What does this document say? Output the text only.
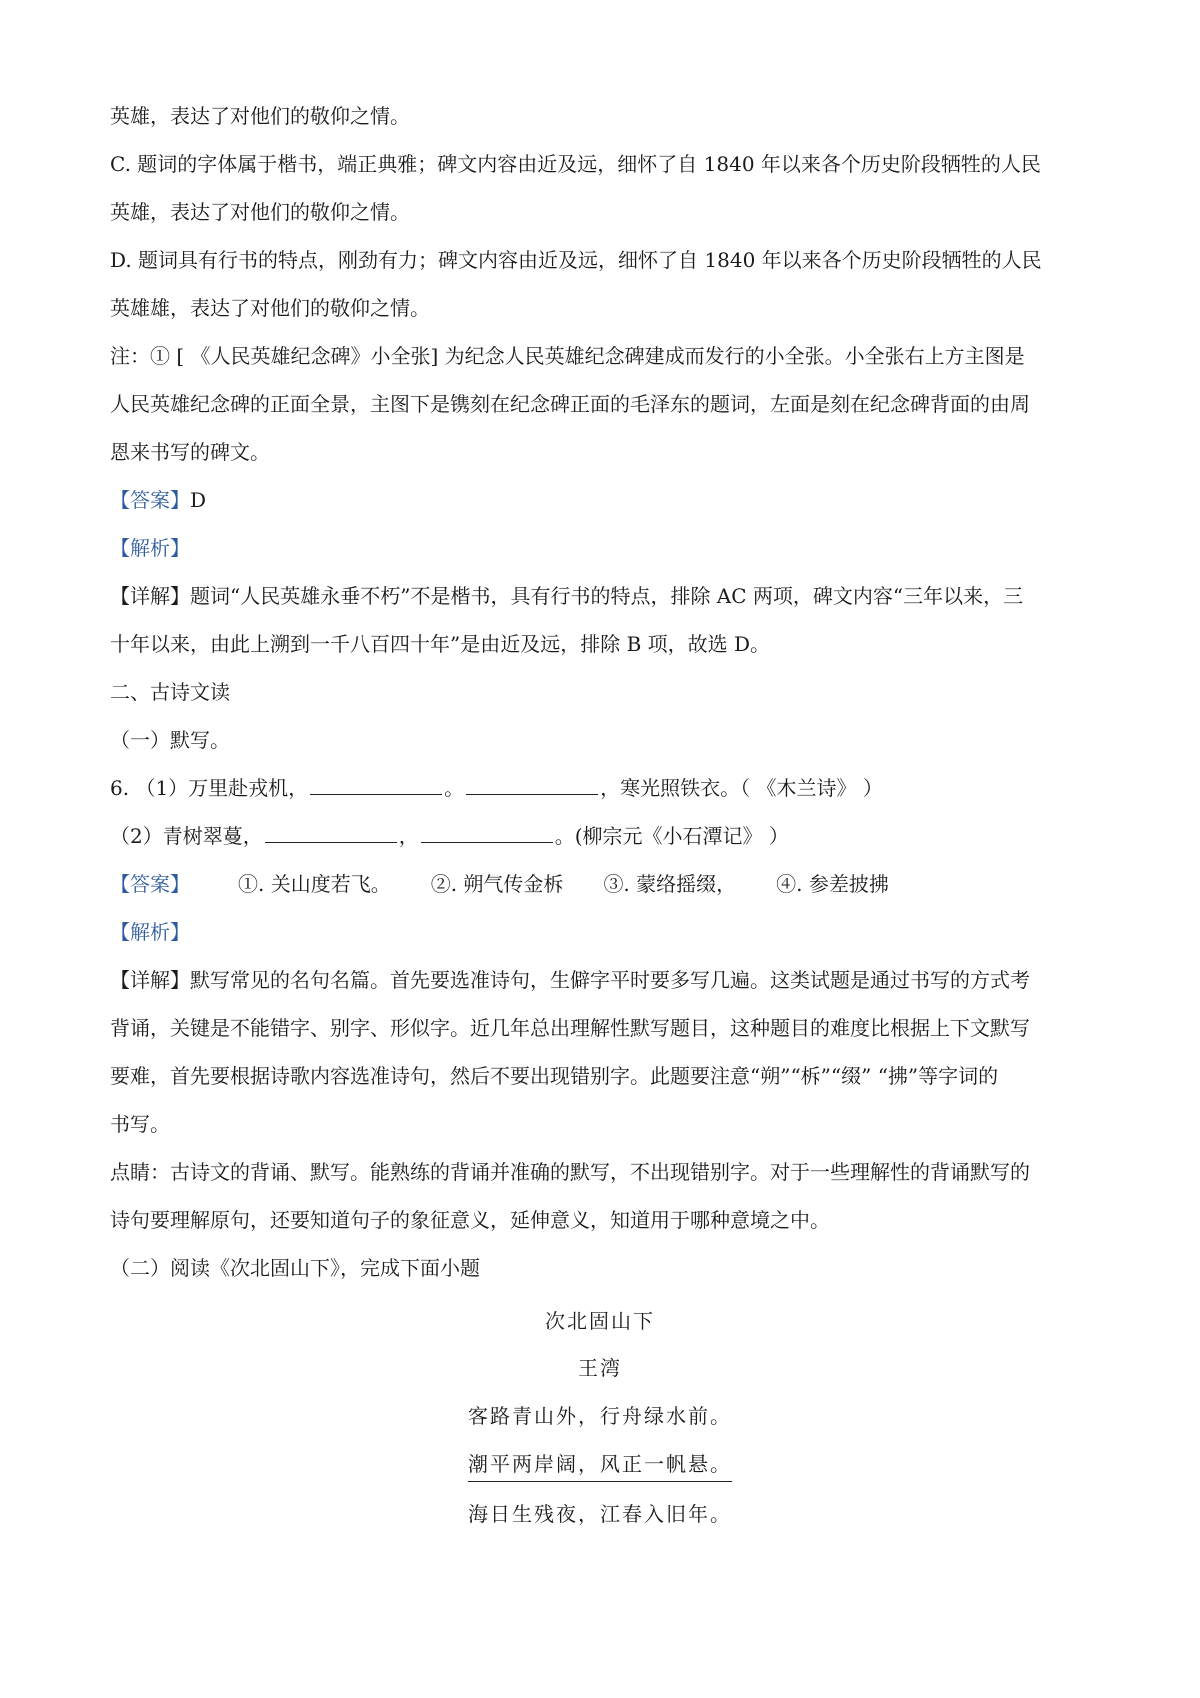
英雄，表达了对他们的敬仰之情。
C. 题词的字体属于楷书，端正典雅；碑文内容由近及远，细怀了自 1840 年以来各个历史阶段牺牲的人民
英雄，表达了对他们的敬仰之情。
D. 题词具有行书的特点，刚劲有力；碑文内容由近及远，细怀了自 1840 年以来各个历史阶段牺牲的人民
英雄雄，表达了对他们的敬仰之情。
注：① [ 《人民英雄纪念碑》小全张] 为纪念人民英雄纪念碑建成而发行的小全张。小全张右上方主图是
人民英雄纪念碑的正面全景，主图下是镌刻在纪念碑正面的毛泽东的题词，左面是刻在纪念碑背面的由周
恩来书写的碑文。
【答案】D
【解析】
【详解】题词“人民英雄永垂不朽”不是楷书，具有行书的特点，排除 AC 两项，碑文内容“三年以来，三
十年以来，由此上溯到一千八百四十年”是由近及远，排除 B 项，故选 D。
二、古诗文读
（一）默写。
6. （1）万里赴戎机，	。	，寒光照铁衣。（ 《木兰诗》 ）
（2）青树翠蔓，	，	。(柳宗元《小石潭记》 ）
【答案】 ①. 关山度若飞。 ②. 朔气传金柝 ③. 蒙络摇缀， ④. 参差披拂
【解析】
【详解】默写常见的名句名篇。首先要选准诗句，生僻字平时要多写几遍。这类试题是通过书写的方式考
背诵，关键是不能错字、别字、形似字。近几年总出理解性默写题目，这种题目的难度比根据上下文默写
要难，首先要根据诗歌内容选准诗句，然后不要出现错别字。此题要注意“朔”“柝”“缀” “拂”等字词的
书写。
点睛：古诗文的背诵、默写。能熟练的背诵并准确的默写，不出现错别字。对于一些理解性的背诵默写的
诗句要理解原句，还要知道句子的象征意义，延伸意义，知道用于哪种意境之中。
（二）阅读《次北固山下》，完成下面小题
次北固山下
王湾
客路青山外，行舟绿水前。
潮平两岸阔，风正一帆悬。
海日生残夜，江春入旧年。
